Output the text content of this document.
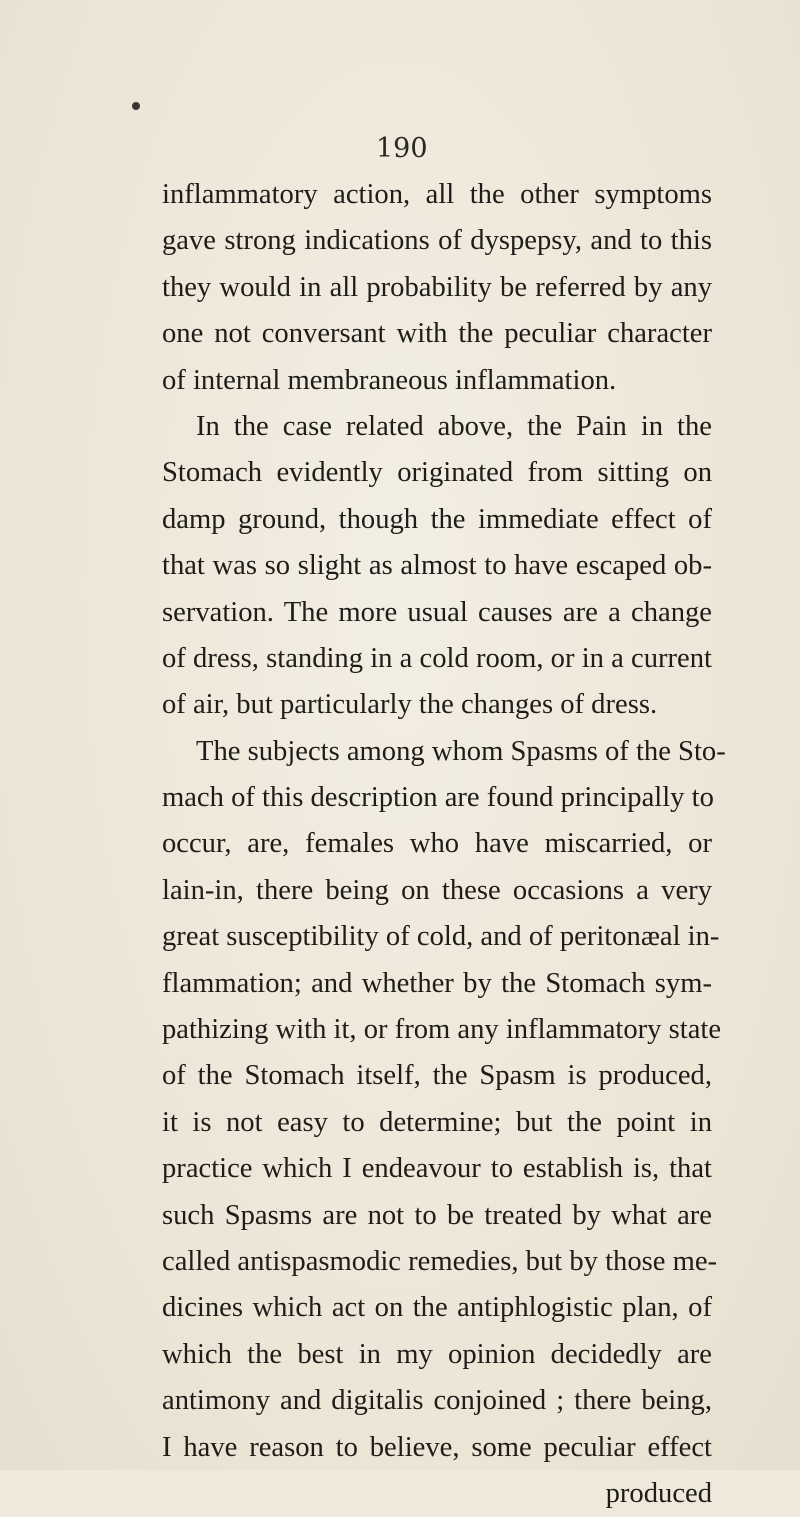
190
inflammatory action, all the other symptoms
gave strong indications of dyspepsy, and to this
they would in all probability be referred by any
one not conversant with the peculiar character
of internal membraneous inflammation.
In the case related above, the Pain in the
Stomach evidently originated from sitting on
damp ground, though the immediate effect of
that was so slight as almost to have escaped ob-
servation. The more usual causes are a change
of dress, standing in a cold room, or in a current
of air, but particularly the changes of dress.
The subjects among whom Spasms of the Sto-
mach of this description are found principally to
occur, are, females who have miscarried, or
lain-in, there being on these occasions a very
great susceptibility of cold, and of peritonæal in-
flammation; and whether by the Stomach sym-
pathizing with it, or from any inflammatory state
of the Stomach itself, the Spasm is produced,
it is not easy to determine; but the point in
practice which I endeavour to establish is, that
such Spasms are not to be treated by what are
called antispasmodic remedies, but by those me-
dicines which act on the antiphlogistic plan, of
which the best in my opinion decidedly are
antimony and digitalis conjoined ; there being,
I have reason to believe, some peculiar effect
produced
